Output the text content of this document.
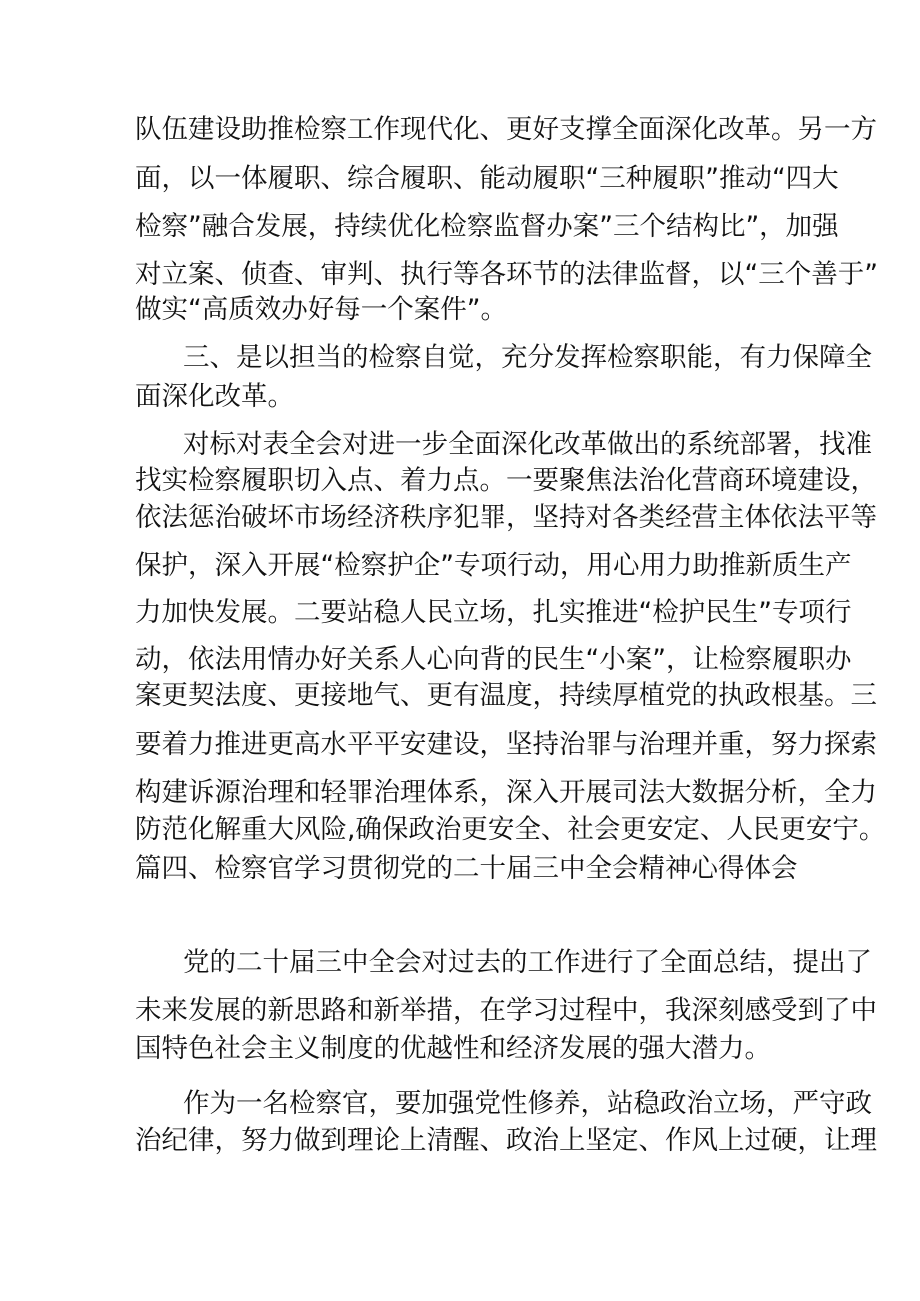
队伍建设助推检察工作现代化、更好支撑全面深化改革。另一方
面，以一体履职、综合履职、能动履职“三种履职”推动“四大
检察”融合发展，持续优化检察监督办案”三个结构比”，加强
对立案、侦查、审判、执行等各环节的法律监督，以“三个善于”
做实“高质效办好每一个案件”。
三、是以担当的检察自觉，充分发挥检察职能，有力保障全
面深化改革。
对标对表全会对进一步全面深化改革做出的系统部署，找准
找实检察履职切入点、着力点。一要聚焦法治化营商环境建设，
依法惩治破坏市场经济秩序犯罪，坚持对各类经营主体依法平等
保护，深入开展“检察护企”专项行动，用心用力助推新质生产
力加快发展。二要站稳人民立场，扎实推进“检护民生”专项行
动，依法用情办好关系人心向背的民生“小案”，让检察履职办
案更契法度、更接地气、更有温度，持续厚植党的执政根基。三
要着力推进更高水平平安建设，坚持治罪与治理并重，努力探索
构建诉源治理和轻罪治理体系，深入开展司法大数据分析，全力
防范化解重大风险,确保政治更安全、社会更安定、人民更安宁。
篇四、检察官学习贯彻党的二十届三中全会精神心得体会
党的二十届三中全会对过去的工作进行了全面总结，提出了
未来发展的新思路和新举措，在学习过程中，我深刻感受到了中
国特色社会主义制度的优越性和经济发展的强大潜力。
作为一名检察官，要加强党性修养，站稳政治立场，严守政
治纪律，努力做到理论上清醒、政治上坚定、作风上过硬，让理
